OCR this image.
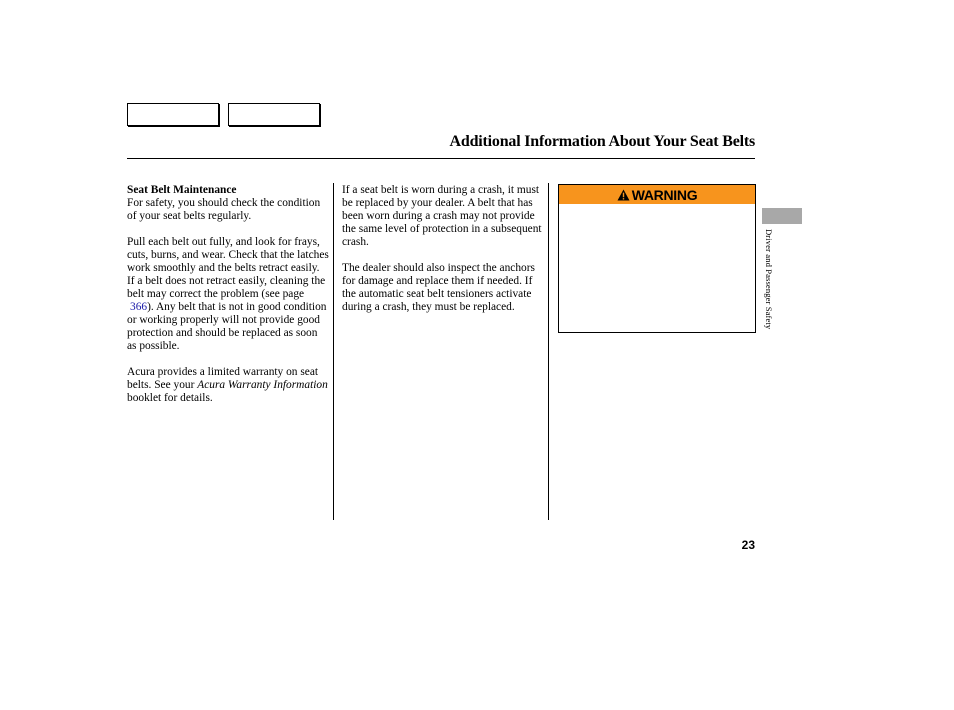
Additional Information About Your Seat Belts
Seat Belt Maintenance

For safety, you should check the condition of your seat belts regularly.

Pull each belt out fully, and look for frays, cuts, burns, and wear. Check that the latches work smoothly and the belts retract easily. If a belt does not retract easily, cleaning the belt may correct the problem (see page
366). Any belt that is not in good condition or working properly will not provide good protection and should be replaced as soon as possible.

Acura provides a limited warranty on seat belts. See your Acura Warranty Information booklet for details.

If a seat belt is worn during a crash, it must be replaced by your dealer. A belt that has been worn during a crash may not provide the same level of protection in a subsequent crash.

The dealer should also inspect the anchors for damage and replace them if needed. If the automatic seat belt tensioners activate during a crash, they must be replaced.

WARNING
Driver and Passenger Safety
23
